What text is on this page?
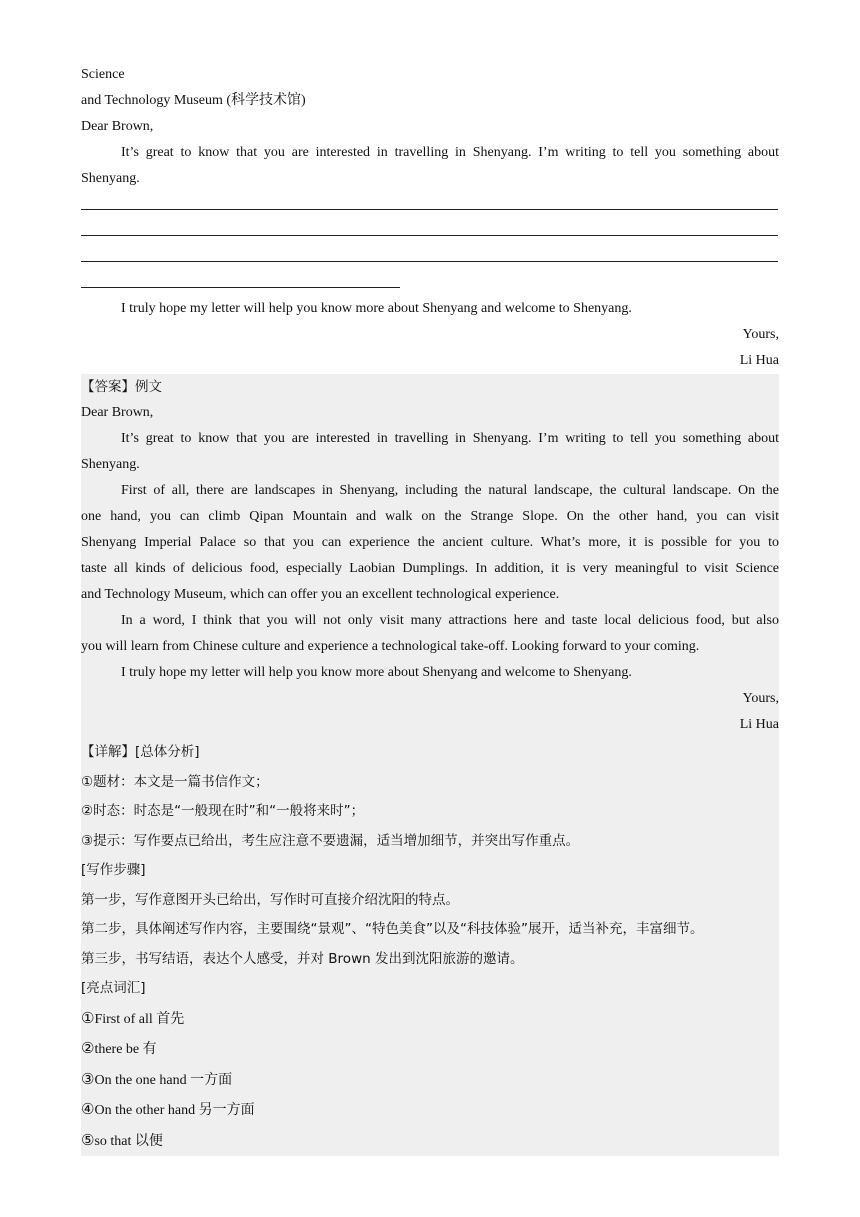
Science
and Technology Museum (科学技术馆)
Dear Brown,
It’s great to know that you are interested in travelling in Shenyang. I’m writing to tell you something about
Shenyang.
I truly hope my letter will help you know more about Shenyang and welcome to Shenyang.
Yours,
Li Hua
【答案】例文
Dear Brown,
It’s great to know that you are interested in travelling in Shenyang. I’m writing to tell you something about
Shenyang.
First of all, there are landscapes in Shenyang, including the natural landscape, the cultural landscape. On the
one hand, you can climb Qipan Mountain and walk on the Strange Slope. On the other hand, you can visit
Shenyang Imperial Palace so that you can experience the ancient culture. What’s more, it is possible for you to
taste all kinds of delicious food, especially Laobian Dumplings. In addition, it is very meaningful to visit Science
and Technology Museum, which can offer you an excellent technological experience.
In a word, I think that you will not only visit many attractions here and taste local delicious food, but also
you will learn from Chinese culture and experience a technological take-off. Looking forward to your coming.
I truly hope my letter will help you know more about Shenyang and welcome to Shenyang.
Yours,
Li Hua
【详解】[总体分析]
①题材：本文是一篇书信作文；
②时态：时态是“一般现在时”和“一般将来时”；
③提示：写作要点已给出，考生应注意不要遗漏，适当增加细节，并突出写作重点。
[写作步骤]
第一步，写作意图开头已给出，写作时可直接介绍沈阳的特点。
第二步，具体阐述写作内容，主要围绕“景观”、“特色美食”以及“科技体验”展开，适当补充，丰富细节。
第三步，书写结语，表达个人感受，并对 Brown 发出到沈阳旅游的邀请。
[亮点词汇]
①First of all 首先
②there be 有
③On the one hand 一方面
④On the other hand 另一方面
⑤so that 以便
